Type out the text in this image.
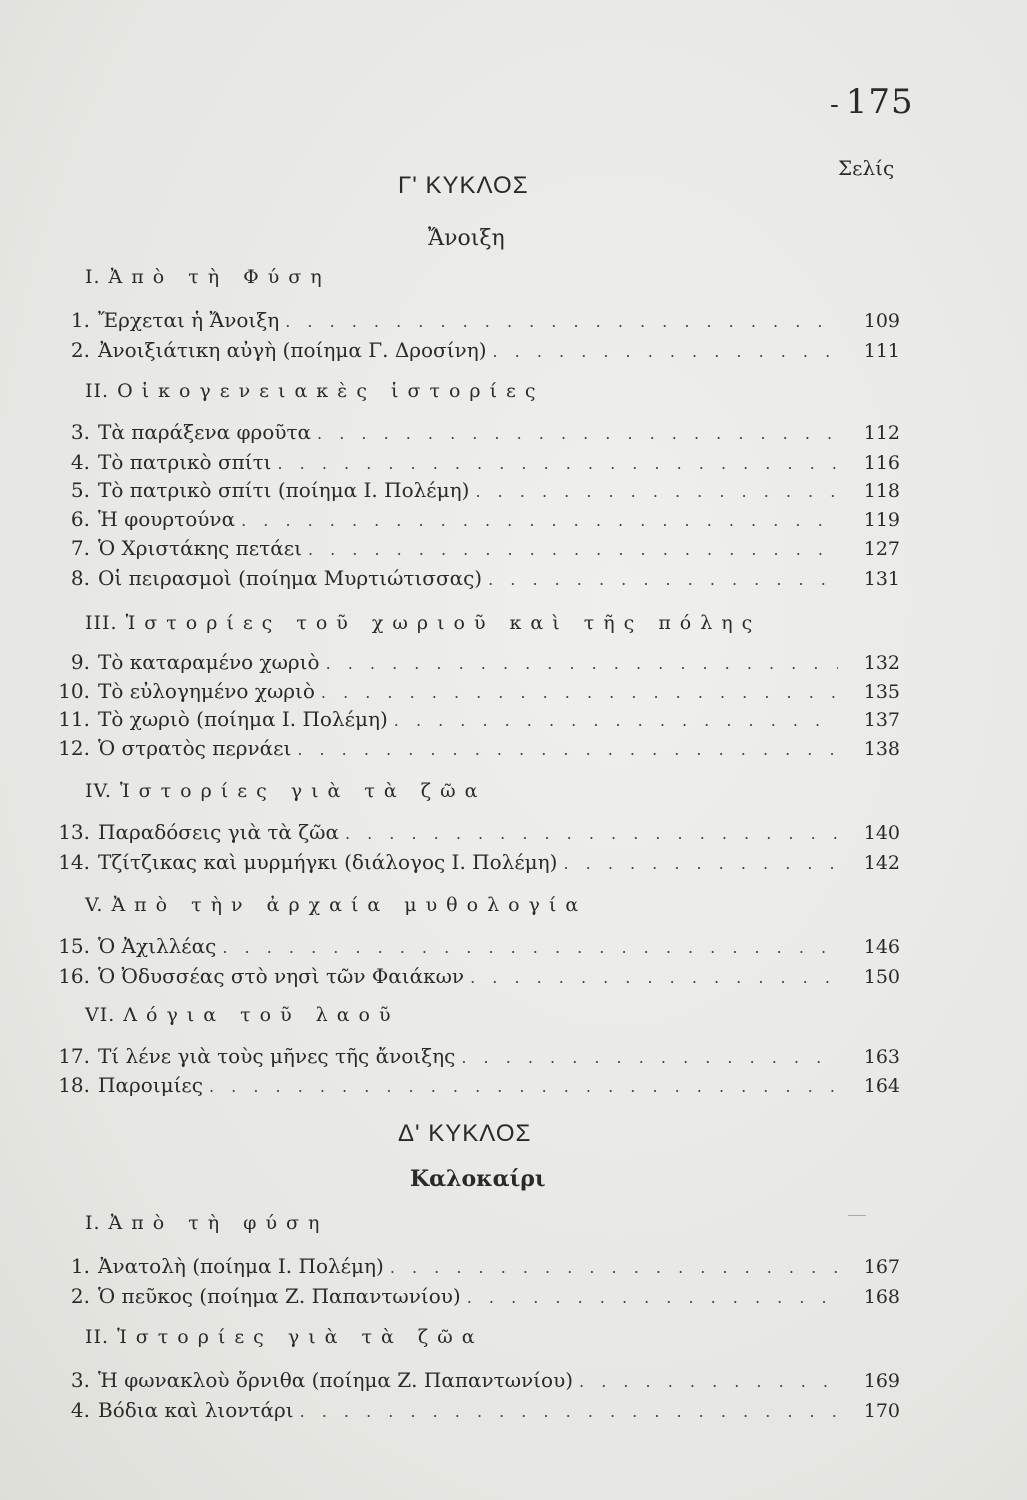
- 175
Σελίς
Γ' ΚΥΚΛΟΣ
Ἄνοιξη
I. Ἀπὸ τὴ Φύση
1. Ἔρχεται ἡ Ἄνοιξη . . .	109
2. Ἀνοιξιάτικη αὐγὴ (ποίημα Γ. Δροσίνη) . . .	111
II. Οἰκογενειακὲς ἱστορίες
3. Τὰ παράξενα φροῦτα . . .	112
4. Τὸ πατρικὸ σπίτι . . .	116
5. Τὸ πατρικὸ σπίτι (ποίημα Ι. Πολέμη) . . .	118
6. Ἡ φουρτούνα . . .	119
7. Ὁ Χριστάκης πετάει . . .	127
8. Οἱ πειρασμοὶ (ποίημα Μυρτιώτισσας) . . .	131
III. Ἱστορίες τοῦ χωριοῦ καὶ τῆς πόλης
9. Τὸ καταραμένο χωριὸ . . .	132
10. Τὸ εὐλογημένο χωριὸ . . .	135
11. Τὸ χωριὸ (ποίημα Ι. Πολέμη) . . .	137
12. Ὁ στρατὸς περνάει . . .	138
IV. Ἱστορίες γιὰ τὰ ζῶα
13. Παραδόσεις γιὰ τὰ ζῶα . . .	140
14. Τζίτζικας καὶ μυρμήγκι (διάλογος Ι. Πολέμη) . . .	142
V. Ἀπὸ τὴν ἀρχαία μυθολογία
15. Ὁ Ἀχιλλέας . . .	146
16. Ὁ Ὀδυσσέας στὸ νησὶ τῶν Φαιάκων . . .	150
VI. Λόγια τοῦ λαοῦ
17. Τί λένε γιὰ τοὺς μῆνες τῆς ἄνοιξης . . .	163
18. Παροιμίες . . .	164
Δ' ΚΥΚΛΟΣ
Καλοκαίρι
I. Ἀπὸ τὴ φύση
1. Ἀνατολὴ (ποίημα Ι. Πολέμη) . . .	167
2. Ὁ πεῦκος (ποίημα Ζ. Παπαντωνίου) . . .	168
II. Ἱστορίες γιὰ τὰ ζῶα
3. Ἡ φωνακλοὺ ὄρνιθα (ποίημα Ζ. Παπαντωνίου) . . .	169
4. Βόδια καὶ λιοντάρι . . .	170
